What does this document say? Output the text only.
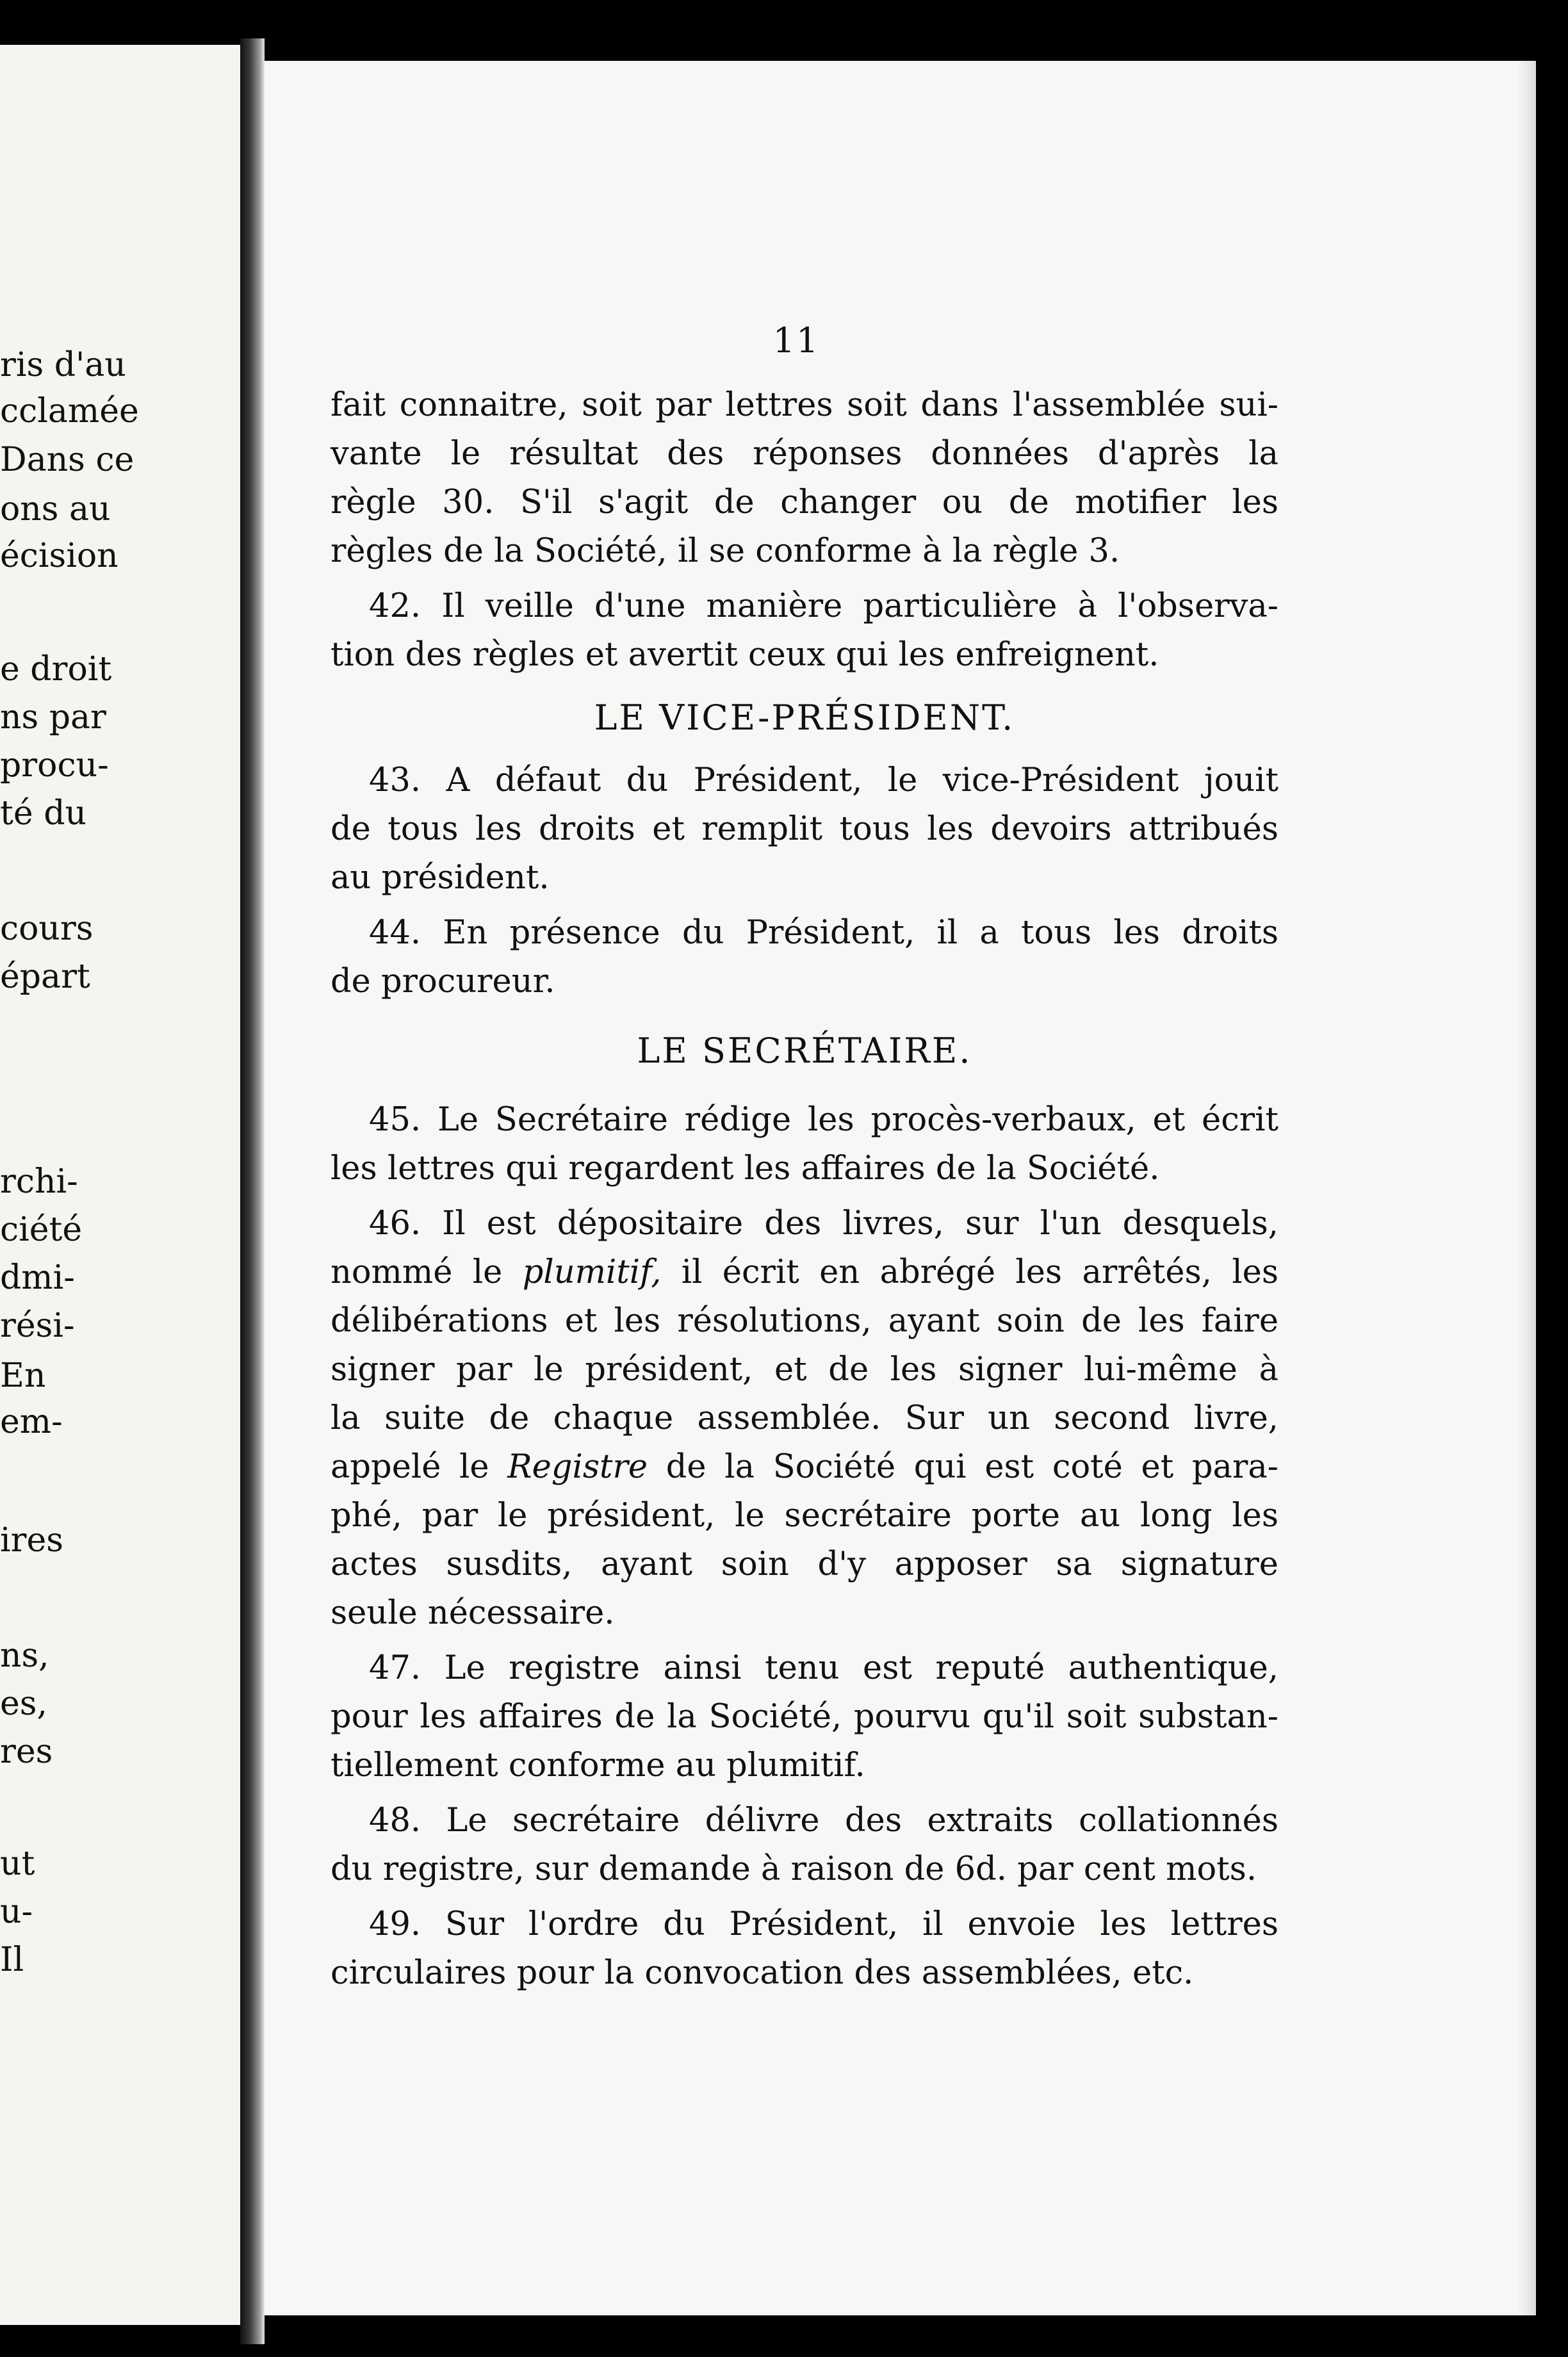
ris d'au
cclamée
Dans ce
ons au
écision
e droit
ns par
procu-
té du
cours
épart
rchi-
ciété
dmi-
rési-
En
em-
ires
ns,
es,
res
ut
u-
Il
11
fait connaitre, soit par lettres soit dans l'assemblée sui-
vante le résultat des réponses données d'après la
règle 30. S'il s'agit de changer ou de motifier les
règles de la Société, il se conforme à la règle 3.
42. Il veille d'une manière particulière à l'observa-
tion des règles et avertit ceux qui les enfreignent.
LE VICE-PRÉSIDENT.
43. A défaut du Président, le vice-Président jouit
de tous les droits et remplit tous les devoirs attribués
au président.
44. En présence du Président, il a tous les droits
de procureur.
LE SECRÉTAIRE.
45. Le Secrétaire rédige les procès-verbaux, et écrit
les lettres qui regardent les affaires de la Société.
46. Il est dépositaire des livres, sur l'un desquels,
nommé le plumitif, il écrit en abrégé les arrêtés, les
délibérations et les résolutions, ayant soin de les faire
signer par le président, et de les signer lui-même à
la suite de chaque assemblée. Sur un second livre,
appelé le Registre de la Société qui est coté et para-
phé, par le président, le secrétaire porte au long les
actes susdits, ayant soin d'y apposer sa signature
seule nécessaire.
47. Le registre ainsi tenu est reputé authentique,
pour les affaires de la Société, pourvu qu'il soit substan-
tiellement conforme au plumitif.
48. Le secrétaire délivre des extraits collationnés
du registre, sur demande à raison de 6d. par cent mots.
49. Sur l'ordre du Président, il envoie les lettres
circulaires pour la convocation des assemblées, etc.
